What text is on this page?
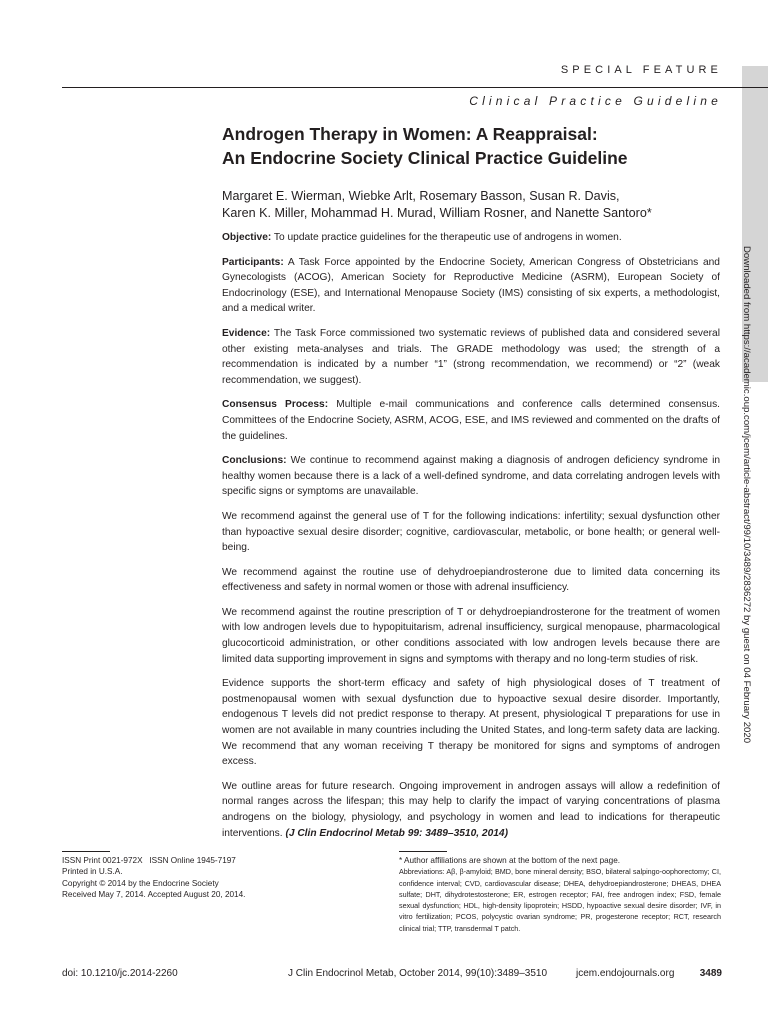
SPECIAL FEATURE
Clinical Practice Guideline
Androgen Therapy in Women: A Reappraisal:
An Endocrine Society Clinical Practice Guideline
Margaret E. Wierman, Wiebke Arlt, Rosemary Basson, Susan R. Davis,
Karen K. Miller, Mohammad H. Murad, William Rosner, and Nanette Santoro*

Objective: To update practice guidelines for the therapeutic use of androgens in women.

Participants: A Task Force appointed by the Endocrine Society, American Congress of Obstetricians and Gynecologists (ACOG), American Society for Reproductive Medicine (ASRM), European Society of Endocrinology (ESE), and International Menopause Society (IMS) consisting of six experts, a methodologist, and a medical writer.

Evidence: The Task Force commissioned two systematic reviews of published data and considered several other existing meta-analyses and trials. The GRADE methodology was used; the strength of a recommendation is indicated by a number “1” (strong recommendation, we recommend) or “2” (weak recommendation, we suggest).

Consensus Process: Multiple e-mail communications and conference calls determined consensus. Committees of the Endocrine Society, ASRM, ACOG, ESE, and IMS reviewed and commented on the drafts of the guidelines.

Conclusions: We continue to recommend against making a diagnosis of androgen deficiency syndrome in healthy women because there is a lack of a well-defined syndrome, and data correlating androgen levels with specific signs or symptoms are unavailable.

We recommend against the general use of T for the following indications: infertility; sexual dysfunction other than hypoactive sexual desire disorder; cognitive, cardiovascular, metabolic, or bone health; or general well-being.

We recommend against the routine use of dehydroepiandrosterone due to limited data concerning its effectiveness and safety in normal women or those with adrenal insufficiency.

We recommend against the routine prescription of T or dehydroepiandrosterone for the treatment of women with low androgen levels due to hypopituitarism, adrenal insufficiency, surgical menopause, pharmacological glucocorticoid administration, or other conditions associated with low androgen levels because there are limited data supporting improvement in signs and symptoms with therapy and no long-term studies of risk.

Evidence supports the short-term efficacy and safety of high physiological doses of T treatment of postmenopausal women with sexual dysfunction due to hypoactive sexual desire disorder. Importantly, endogenous T levels did not predict response to therapy. At present, physiological T preparations for use in women are not available in many countries including the United States, and long-term safety data are lacking. We recommend that any woman receiving T therapy be monitored for signs and symptoms of androgen excess.

We outline areas for future research. Ongoing improvement in androgen assays will allow a redefinition of normal ranges across the lifespan; this may help to clarify the impact of varying concentrations of plasma androgens on the biology, physiology, and psychology in women and lead to indications for therapeutic interventions. (J Clin Endocrinol Metab 99: 3489–3510, 2014)

Downloaded from https://academic.oup.com/jcem/article-abstract/99/10/3489/2836272 by guest on 04 February 2020
ISSN Print 0021-972X   ISSN Online 1945-7197
Printed in U.S.A.
Copyright © 2014 by the Endocrine Society
Received May 7, 2014. Accepted August 20, 2014.
* Author affiliations are shown at the bottom of the next page.
Abbreviations: Aβ, β-amyloid; BMD, bone mineral density; BSO, bilateral salpingo-oophorectomy; CI, confidence interval; CVD, cardiovascular disease; DHEA, dehydroepiandrosterone; DHEAS, DHEA sulfate; DHT, dihydrotestosterone; ER, estrogen receptor; FAI, free androgen index; FSD, female sexual dysfunction; HDL, high-density lipoprotein; HSDD, hypoactive sexual desire disorder; IVF, in vitro fertilization; PCOS, polycystic ovarian syndrome; PR, progesterone receptor; RCT, research clinical trial; TTP, transdermal T patch.
doi: 10.1210/jc.2014-2260	J Clin Endocrinol Metab, October 2014, 99(10):3489–3510	jcem.endojournals.org	3489
